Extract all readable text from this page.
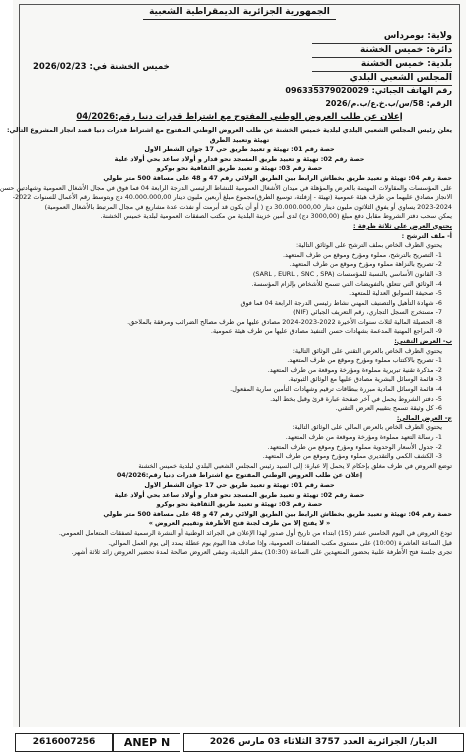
الجمهورية الجزائرية الديمقراطية الشعبية
ولاية: بومرداس
دائرة: خميس الخشنة
بلدية: خميس الخشنة
المجلس الشعبي البلدي
خميس الخشنة في: 2026/02/23
رقم الهاتف الجبائي: 096335379020029
الرقم: 58/س/ب.خ.ع/ب.م/2026
إعلان عن طلب العروض الوطني المفتوح مع اشتراط قدرات دنيا رقم:04/2026

يعلن رئيس المجلس الشعبي البلدي لبلدية خميس الخشنة عن طلب العروض الوطني المفتوح مع اشتراط قدرات دنيا قصد انجاز المشروع التالي:

تهيئة وتعبيد الطرق

حصة رقم 01: تهيئة و تعبيد طريق حي 17 جوان الشطر الاول

حصة رقم 02: تهيئة و تعبيد طريق المسجد نحو قدار و أولاد ساعد بحي أولاد علية

حصة رقم 03: تهيئة و تعبيد طريق الثقافية نحو بوكرو

حصة رقم 04: تهيئة و تعبيد طريق بخطاش الرابط بين الطريق الولائي رقم 47 و 48 على مسافة 500 متر طولي

على المؤسسات والمقاولات المهتمة بالعرض والمؤهلة في ميدان الأشغال العمومية للنشاط الرئيسي الدرجة الرابعة 04 فما فوق في مجال الأشغال العمومية وشهادتين حسن

الانجاز مصادق عليهما من طرف هيئة عمومية (تهيئة - إزفلتة، توسيع الطرق)مجموع مبلغ أربعين مليون دينار 40.000.000,00 دج وبتوسط رقم الأعمال للسنوات 2022-

2023-2024 يساوي أو يفوق الثلاثون مليون دينار 30.000.000,00 دج ( أو أن يكون قد أبرمت أو نفذت عدة مشاريع في مجال المرتبط بالأشغال العمومية)

يمكن سحب دفتر الشروط مقابل دفع مبلغ (3000,00 دج) لدى أمين خزينة البلدية من مكتب الصفقات العمومية لبلدية خميس الخشنة.

يحتوي العرض على ثلاثة ظرفة :

أ- ملف الترشح :

يحتوي الظرف الخاص بملف الترشح على الوثائق التالية:

1- التصريح بالترشح، مملوء ومؤرخ وموقع من طرف المتعهد.

2- تصريح بالنزاهة مملوء ومؤرخ وموقع من طرف المتعهد.

3- القانون الأساسي بالنسبة للمؤسسات (SARL , EURL , SNC , SPA)

4- الوثائق التي تتعلق بالتفويضات التي تسمح للأشخاص بإلزام المؤسسة.

5- صحيفة السوابق العدلية للمتعهد.

6- شهادة التأهيل والتصنيف المهني نشاط رئيسي الدرجة الرابعة 04 فما فوق

7- مستخرج السجل التجاري، رقم التعريف الجبائي (NIF)

8- الحصيلة المالية لثلاث سنوات الأخيرة 2022-2023-2024 مصادق عليها من طرف مصالح الضرائب ومرفقة بالملاحق.

9- المراجع المهنية المدعمة بشهادات حسن التنفيذ مصادق عليها من طرف هيئة عمومية.

ب- العرض التقني:

يحتوي الظرف الخاص بالعرض التقني على الوثائق التالية:

1- تصريح بالاكتتاب مملوء ومؤرخ وموقع من طرف المتعهد.

2- مذكرة تقنية تبريرية مملوءة ومؤرخة وموقعة من طرف المتعهد.

3- قائمة الوسائل البشرية مصادق عليها مع الوثائق الثبوتية.

4- قائمة الوسائل المادية مبررة ببطاقات ترقيم وشهادات التأمين سارية المفعول.

5- دفتر الشروط يحمل في آخر صفحة عبارة قرئ وقبل بخط اليد.

6- كل وثيقة تسمح بتقييم العرض التقني.

ج- العرض المالي:

يحتوي الظرف الخاص بالعرض المالي على الوثائق التالية:

1- رسالة التعهد مملوءة ومؤرخة وموقعة من طرف المتعهد.

2- جدول الأسعار الوحدوية مملوء ومؤرخ وموقع من طرف المتعهد.

3- الكشف الكمي والتقديري مملوء ومؤرخ وموقع من طرف المتعهد.

توضع العروض في ظرف مغلق بإحكام لا يحمل إلا عبارة: إلى السيد رئيس المجلس الشعبي البلدي لبلدية خميس الخشنة

إعلان عن طلب العروض الوطني المفتوح مع اشتراط قدرات دنيا رقم:04/2026

حصة رقم 01: تهيئة و تعبيد طريق حي 17 جوان الشطر الاول

حصة رقم 02: تهيئة و تعبيد طريق المسجد نحو قدار و أولاد ساعد بحي أولاد علية

حصة رقم 03: تهيئة و تعبيد طريق الثقافية نحو بوكرو

حصة رقم 04: تهيئة و تعبيد طريق بخطاش الرابط بين الطريق الولائي رقم 47 و 48 على مسافة 500 متر طولي

« لا يفتح إلا من طرف لجنة فتح الأظرفة وتقييم العروض »

تودع العروض في اليوم الخامس عشر (15) ابتداء من تاريخ أول صدور لهذا الإعلان في الجرائد الوطنية أو النشرة الرسمية لصفقات المتعامل العمومي.

قبل الساعة العاشرة (10:00) على مستوى مكتب الصفقات العمومية، وإذا صادف هذا اليوم يوم عطلة يمدد إلى يوم العمل الموالي.

تجرى جلسة فتح الأظرفة علنية بحضور المتعهدين على الساعة (10:30) بمقر البلدية، وتبقى العروض صالحة لمدة تحضير العروض زائد ثلاثة أشهر.

2616007256	ANEP N	الديار/ الجزائرية العدد 3757 الثلاثاء 03 مارس 2026
